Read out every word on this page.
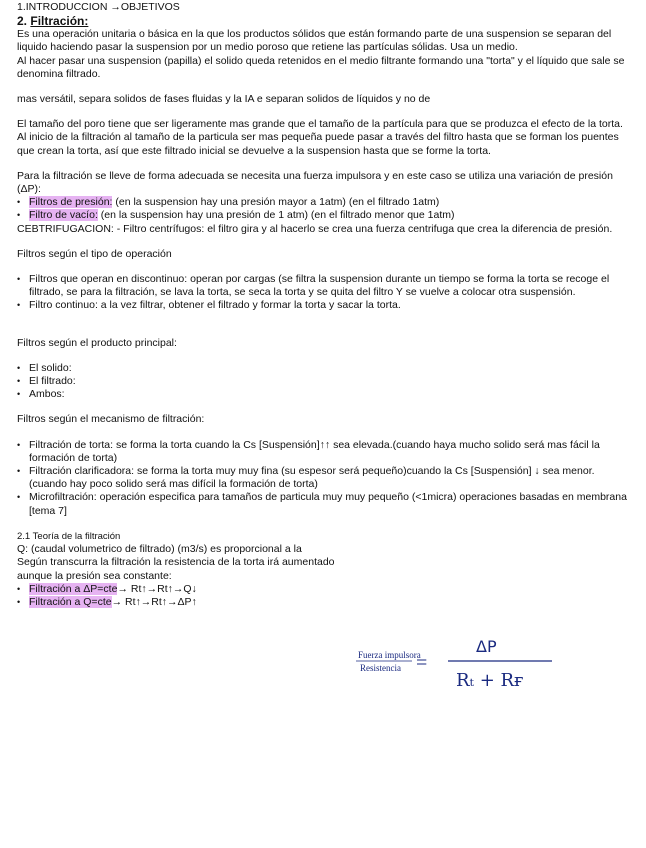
1.INTRODUCCION →OBJETIVOS

2. Filtración:

Es una operación unitaria o básica en la que los productos sólidos que están formando parte de una suspension se separan del liquido haciendo pasar la suspension por un medio poroso que retiene las partículas sólidas. Usa un medio.

Al hacer pasar una suspension (papilla) el solido queda retenidos en el medio filtrante formando una "torta" y el líquido que sale se denomina filtrado.

mas versátil, separa solidos de fases fluidas y la IA e separan solidos de líquidos y no de

El tamaño del poro tiene que ser ligeramente mas grande que el tamaño de la partícula para que se produzca el efecto de la torta. Al inicio de la filtración al tamaño de la particula ser mas pequeña puede pasar a través del filtro hasta que se forman los puentes que crean la torta, así que este filtrado inicial se devuelve a la suspension hasta que se forme la torta.

Para la filtración se lleve de forma adecuada se necesita una fuerza impulsora y en este caso se utiliza una variación de presión (ΔP):

• Filtros de presión: (en la suspension hay una presión mayor a 1atm) (en el filtrado 1atm)
• Filtro de vacío: (en la suspension hay una presión de 1 atm) (en el filtrado menor que 1atm)

CEBTRIFUGACION: - Filtro centrífugos: el filtro gira y al hacerlo se crea una fuerza centrifuga que crea la diferencia de presión.

Filtros según el tipo de operación

• Filtros que operan en discontinuo: operan por cargas (se filtra la suspension durante un tiempo se forma la torta se recoge el filtrado, se para la filtración, se lava la torta, se seca la torta y se quita del filtro Y se vuelve a colocar otra suspensión.
• Filtro continuo: a la vez filtrar, obtener el filtrado y formar la torta y sacar la torta.

Filtros según el producto principal:

• El solido:
• El filtrado:
• Ambos:

Filtros según el mecanismo de filtración:

• Filtración de torta: se forma la torta cuando la Cs [Suspensión]↑↑ sea elevada.(cuando haya mucho solido será mas fácil la formación de torta)
• Filtración clarificadora: se forma la torta muy muy fina (su espesor será pequeño)cuando la Cs [Suspensión] ↓ sea menor.(cuando hay poco solido será mas difícil la formación de torta)
• Microfiltración: operación especifica para tamaños de particula muy muy pequeño (<1micra) operaciones basadas en membrana [tema 7]

2.1 Teoría de la filtración

Q: (caudal volumetrico de filtrado) (m3/s) es proporcional a la

Según transcurra la filtración la resistencia de la torta irá aumentado aunque la presión sea constante:

• Filtración a ΔP=cte→ Rt↑→Rt↑→Q↓
• Filtración a Q=cte→ Rt↑→Rt↑→ΔP↑
Fuerza impulsora
Resistencia =
ΔP
Rₜ + Rғ
